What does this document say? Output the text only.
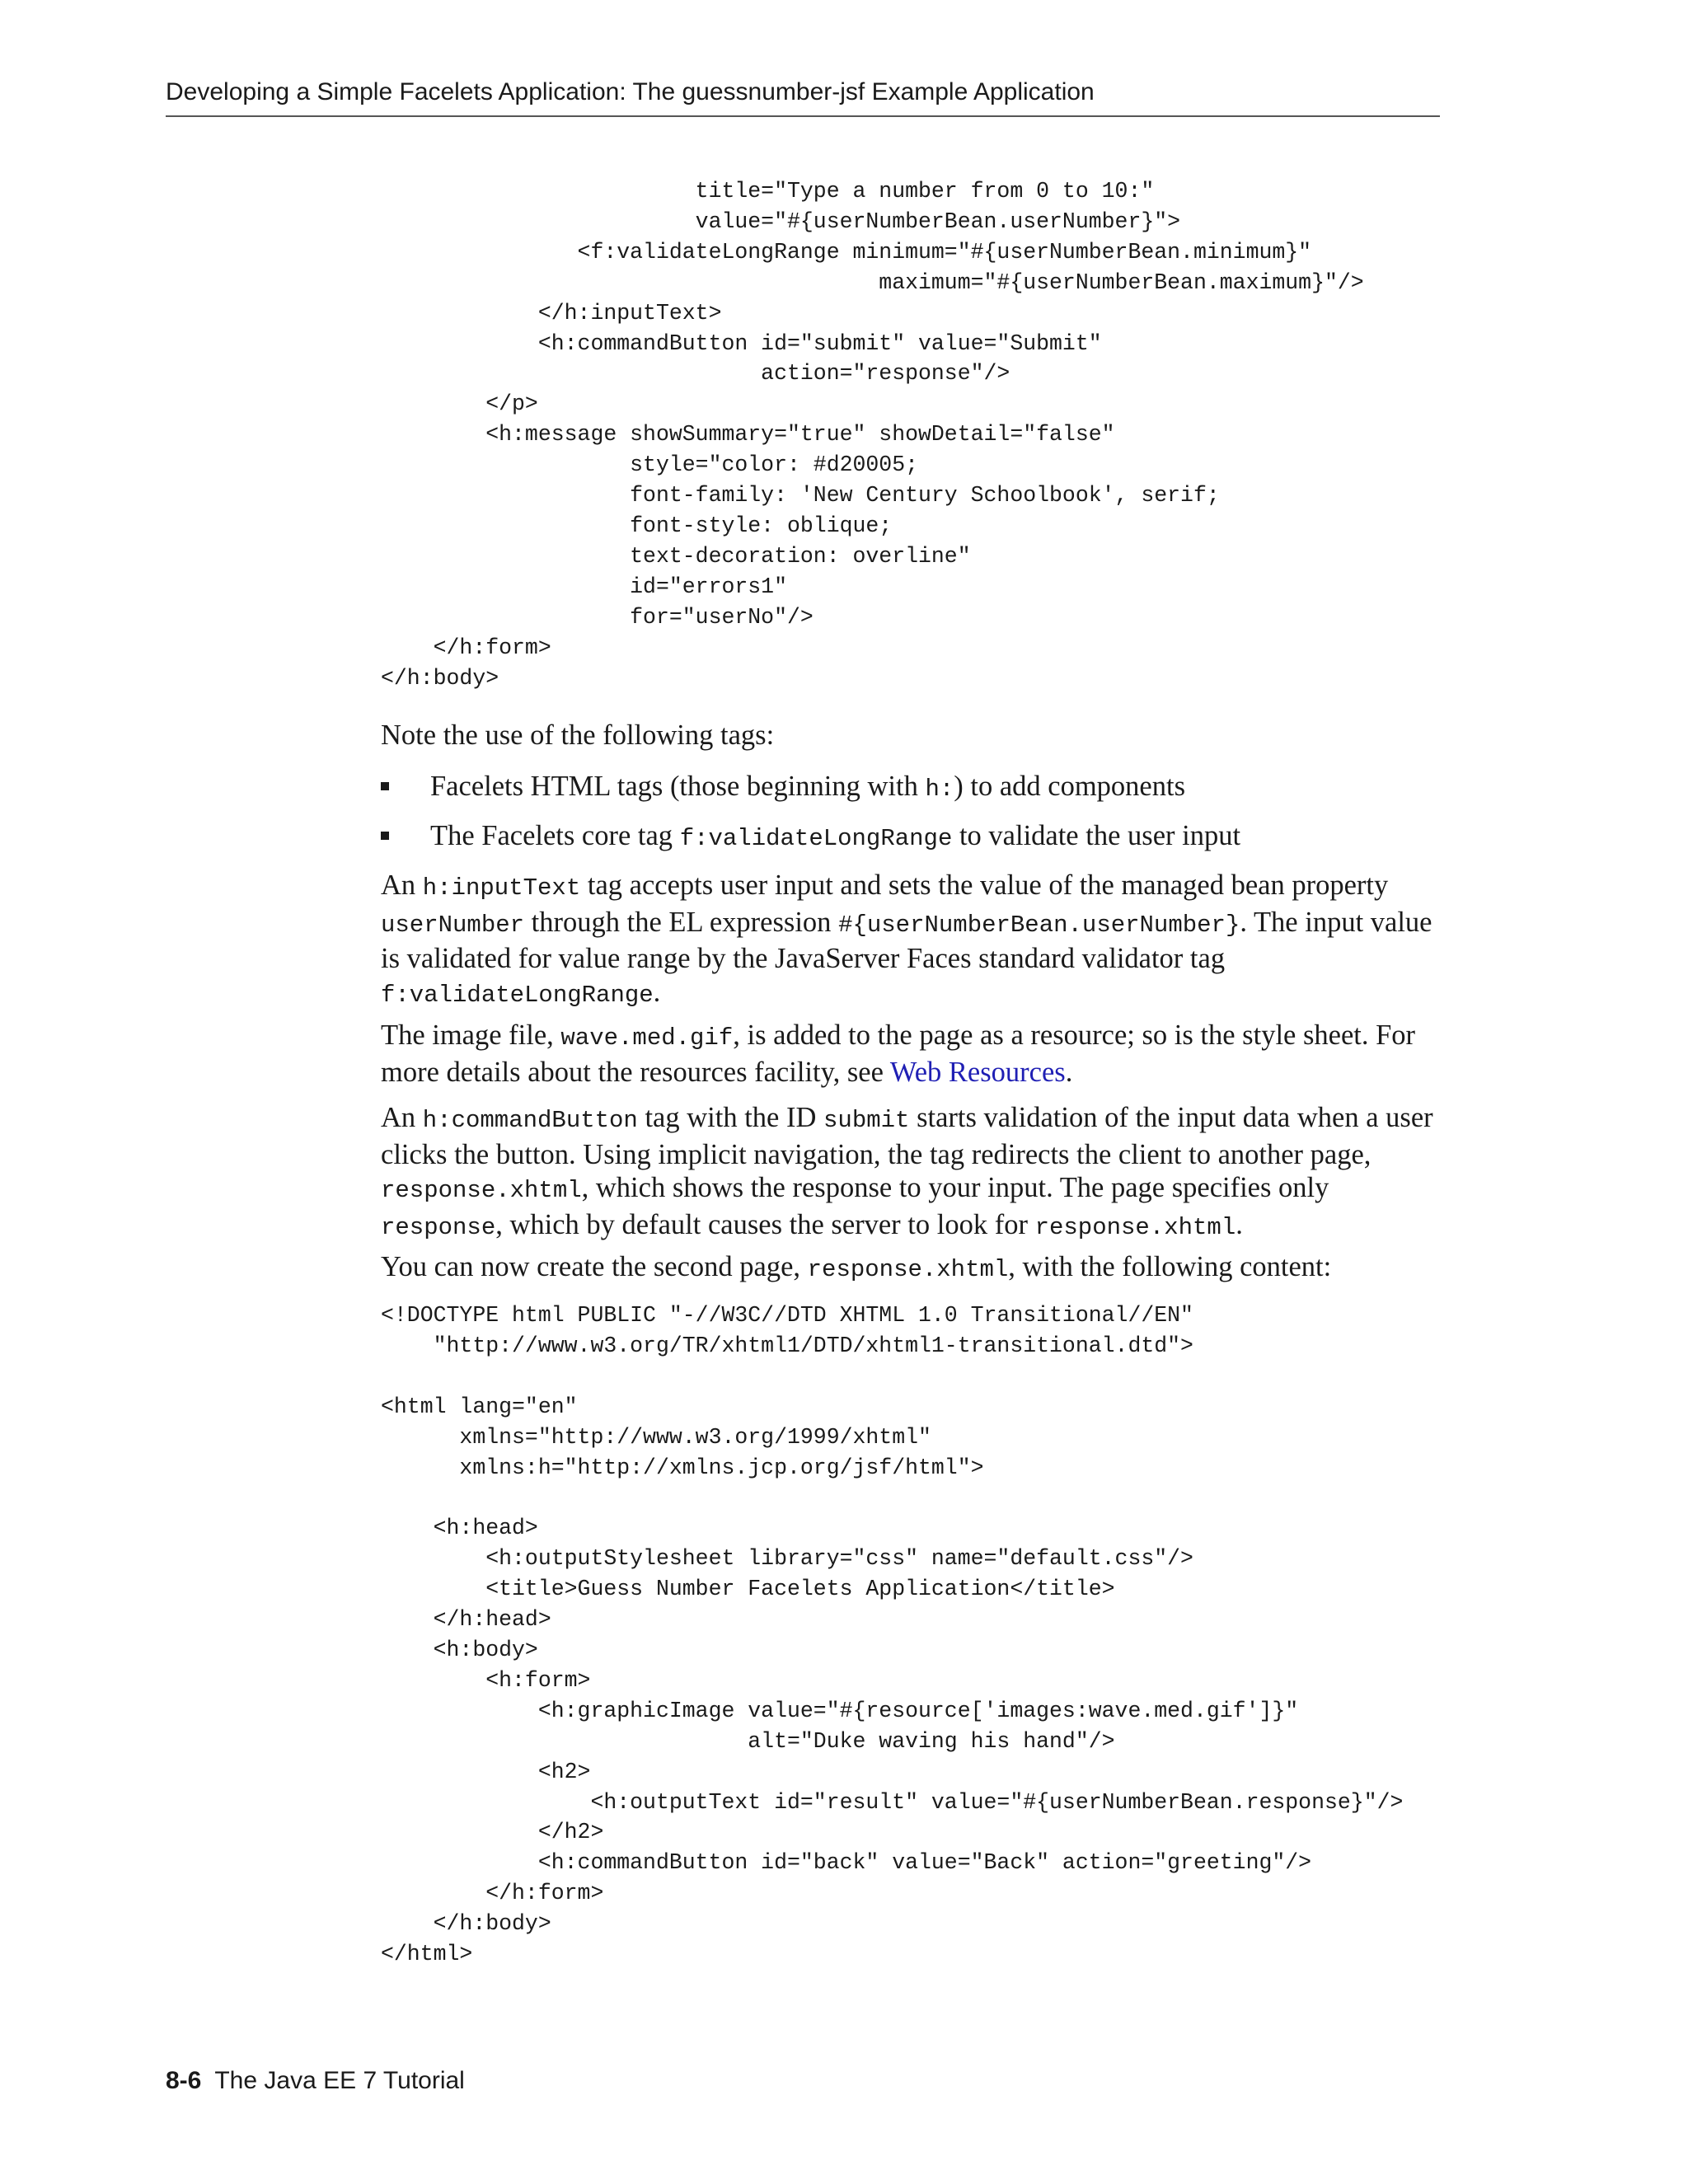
Developing a Simple Facelets Application: The guessnumber-jsf Example Application
title="Type a number from 0 to 10:"
value="#{userNumberBean.userNumber}">
<f:validateLongRange minimum="#{userNumberBean.minimum}"
maximum="#{userNumberBean.maximum}"/>
</h:inputText>
<h:commandButton id="submit" value="Submit"
action="response"/>
</p>
<h:message showSummary="true" showDetail="false"
style="color: #d20005;
font-family: 'New Century Schoolbook', serif;
font-style: oblique;
text-decoration: overline"
id="errors1"
for="userNo"/>
</h:form>
</h:body>
Note the use of the following tags:
Facelets HTML tags (those beginning with h:) to add components
The Facelets core tag f:validateLongRange to validate the user input
An h:inputText tag accepts user input and sets the value of the managed bean property userNumber through the EL expression #{userNumberBean.userNumber}. The input value is validated for value range by the JavaServer Faces standard validator tag f:validateLongRange.
The image file, wave.med.gif, is added to the page as a resource; so is the style sheet. For more details about the resources facility, see Web Resources.
An h:commandButton tag with the ID submit starts validation of the input data when a user clicks the button. Using implicit navigation, the tag redirects the client to another page, response.xhtml, which shows the response to your input. The page specifies only response, which by default causes the server to look for response.xhtml.
You can now create the second page, response.xhtml, with the following content:
<!DOCTYPE html PUBLIC "-//W3C//DTD XHTML 1.0 Transitional//EN"
"http://www.w3.org/TR/xhtml1/DTD/xhtml1-transitional.dtd">

<html lang="en"
xmlns="http://www.w3.org/1999/xhtml"
xmlns:h="http://xmlns.jcp.org/jsf/html">

<h:head>
<h:outputStylesheet library="css" name="default.css"/>
<title>Guess Number Facelets Application</title>
</h:head>
<h:body>
<h:form>
<h:graphicImage value="#{resource['images:wave.med.gif']}"
alt="Duke waving his hand"/>
<h2>
<h:outputText id="result" value="#{userNumberBean.response}"/>
</h2>
<h:commandButton id="back" value="Back" action="greeting"/>
</h:form>
</h:body>
</html>
8-6 The Java EE 7 Tutorial
